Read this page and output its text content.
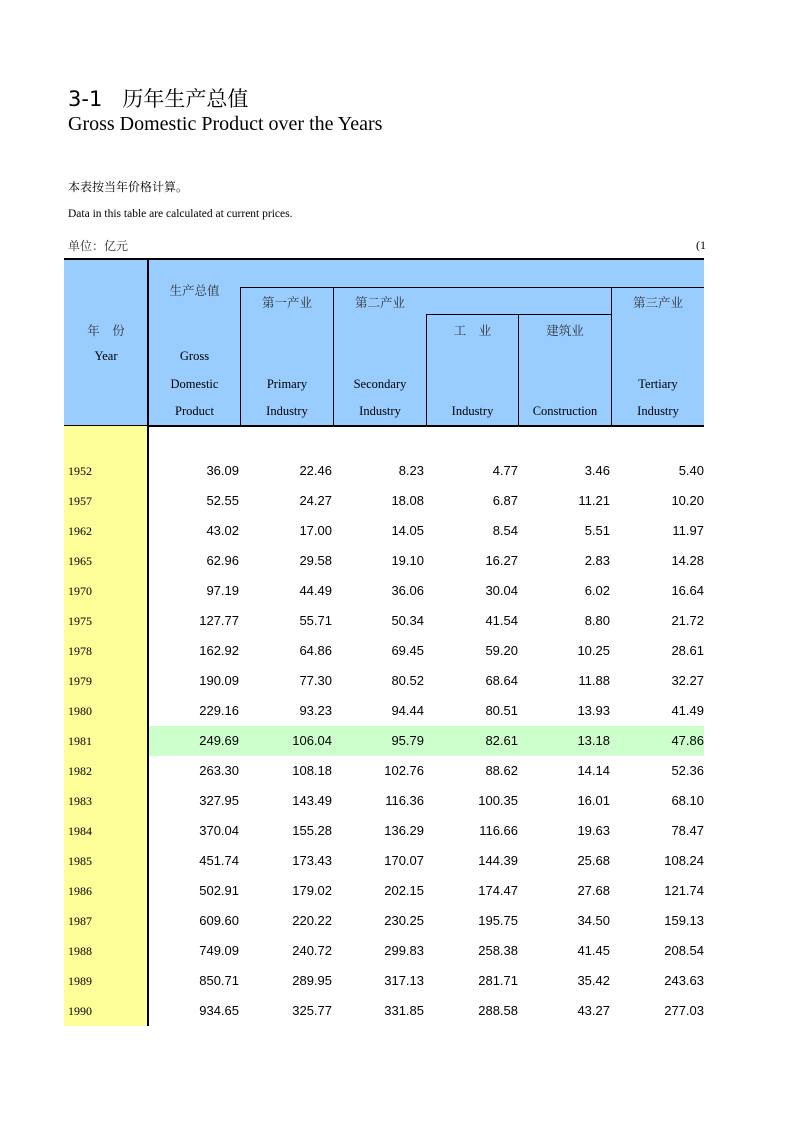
3-1 历年生产总值
Gross Domestic Product over the Years
本表按当年价格计算。
Data in this table are calculated at current prices.
单位：亿元	(1
年　份
Year
生产总值
Gross
Domestic
Product
第一产业
Primary
Industry
第二产业
Secondary
Industry
工　业
Industry
建筑业
Construction
第三产业
Tertiary
Industry
1952	36.09	22.46	8.23	4.77	3.46	5.40
1957	52.55	24.27	18.08	6.87	11.21	10.20
1962	43.02	17.00	14.05	8.54	5.51	11.97
1965	62.96	29.58	19.10	16.27	2.83	14.28
1970	97.19	44.49	36.06	30.04	6.02	16.64
1975	127.77	55.71	50.34	41.54	8.80	21.72
1978	162.92	64.86	69.45	59.20	10.25	28.61
1979	190.09	77.30	80.52	68.64	11.88	32.27
1980	229.16	93.23	94.44	80.51	13.93	41.49
1981	249.69	106.04	95.79	82.61	13.18	47.86
1982	263.30	108.18	102.76	88.62	14.14	52.36
1983	327.95	143.49	116.36	100.35	16.01	68.10
1984	370.04	155.28	136.29	116.66	19.63	78.47
1985	451.74	173.43	170.07	144.39	25.68	108.24
1986	502.91	179.02	202.15	174.47	27.68	121.74
1987	609.60	220.22	230.25	195.75	34.50	159.13
1988	749.09	240.72	299.83	258.38	41.45	208.54
1989	850.71	289.95	317.13	281.71	35.42	243.63
1990	934.65	325.77	331.85	288.58	43.27	277.03
